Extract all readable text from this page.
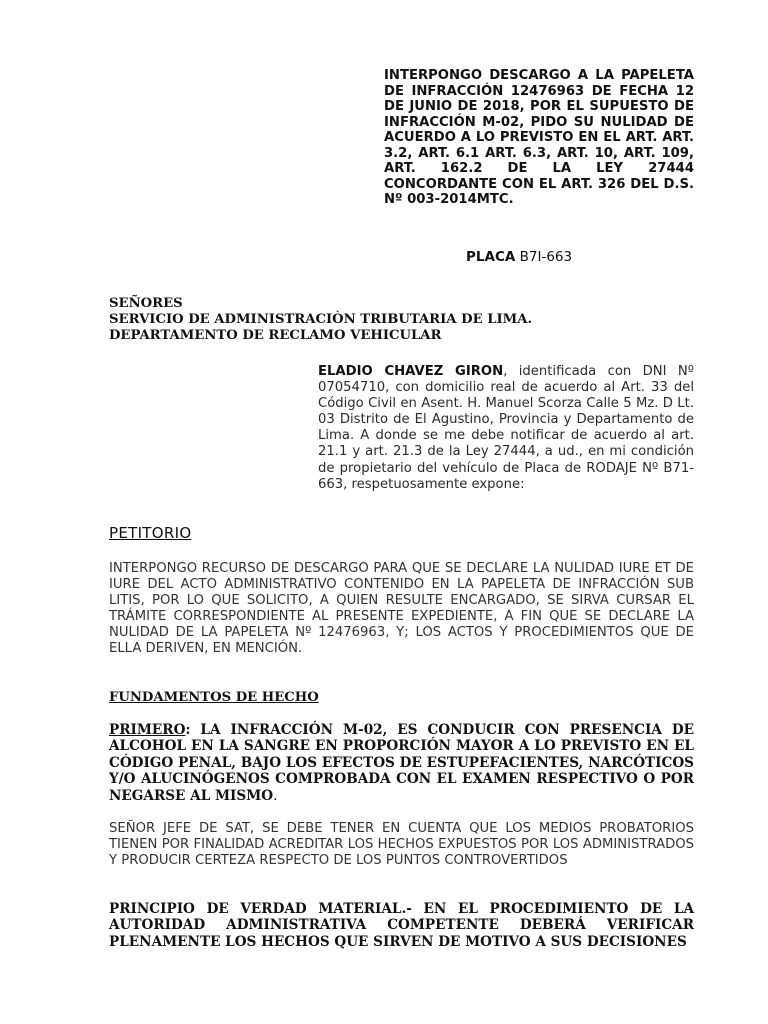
INTERPONGO DESCARGO A LA PAPELETA DE INFRACCIÓN 12476963 DE FECHA 12 DE JUNIO DE 2018, POR EL SUPUESTO DE INFRACCIÓN M-02, PIDO SU NULIDAD DE ACUERDO A LO PREVISTO EN EL ART. ART. 3.2, ART. 6.1 ART. 6.3, ART. 10, ART. 109, ART. 162.2 DE LA LEY 27444 CONCORDANTE CON EL ART. 326 DEL D.S. Nº 003-2014MTC.
PLACA B7I-663
SEÑORES
SERVICIO DE ADMINISTRACIÒN TRIBUTARIA DE LIMA.
DEPARTAMENTO DE RECLAMO VEHICULAR
ELADIO CHAVEZ GIRON, identificada con DNI Nº 07054710, con domicilio real de acuerdo al Art. 33 del Código Civil en Asent. H. Manuel Scorza Calle 5 Mz. D Lt. 03 Distrito de El Agustino, Provincia y Departamento de Lima. A donde se me debe notificar de acuerdo al art. 21.1 y art. 21.3 de la Ley 27444, a ud., en mi condición de propietario del vehículo de Placa de RODAJE Nº B71-663, respetuosamente expone:
PETITORIO
INTERPONGO RECURSO DE DESCARGO PARA QUE SE DECLARE LA NULIDAD IURE ET DE IURE DEL ACTO ADMINISTRATIVO CONTENIDO EN LA PAPELETA DE INFRACCIÓN SUB LITIS, POR LO QUE SOLICITO, A QUIEN RESULTE ENCARGADO, SE SIRVA CURSAR EL TRÁMITE CORRESPONDIENTE AL PRESENTE EXPEDIENTE, A FIN QUE SE DECLARE LA NULIDAD DE LA PAPELETA Nº 12476963, Y; LOS ACTOS Y PROCEDIMIENTOS QUE DE ELLA DERIVEN, EN MENCIÓN.
FUNDAMENTOS DE HECHO
PRIMERO: LA INFRACCIÓN M-02, ES CONDUCIR CON PRESENCIA DE ALCOHOL EN LA SANGRE EN PROPORCIÓN MAYOR A LO PREVISTO EN EL CÓDIGO PENAL, BAJO LOS EFECTOS DE ESTUPEFACIENTES, NARCÓTICOS Y/O ALUCINÓGENOS COMPROBADA CON EL EXAMEN RESPECTIVO O POR NEGARSE AL MISMO.
SEÑOR JEFE DE SAT, SE DEBE TENER EN CUENTA QUE LOS MEDIOS PROBATORIOS TIENEN POR FINALIDAD ACREDITAR LOS HECHOS EXPUESTOS POR LOS ADMINISTRADOS Y PRODUCIR CERTEZA RESPECTO DE LOS PUNTOS CONTROVERTIDOS
PRINCIPIO DE VERDAD MATERIAL.- EN EL PROCEDIMIENTO DE LA AUTORIDAD ADMINISTRATIVA COMPETENTE DEBERÁ VERIFICAR PLENAMENTE LOS HECHOS QUE SIRVEN DE MOTIVO A SUS DECISIONES
